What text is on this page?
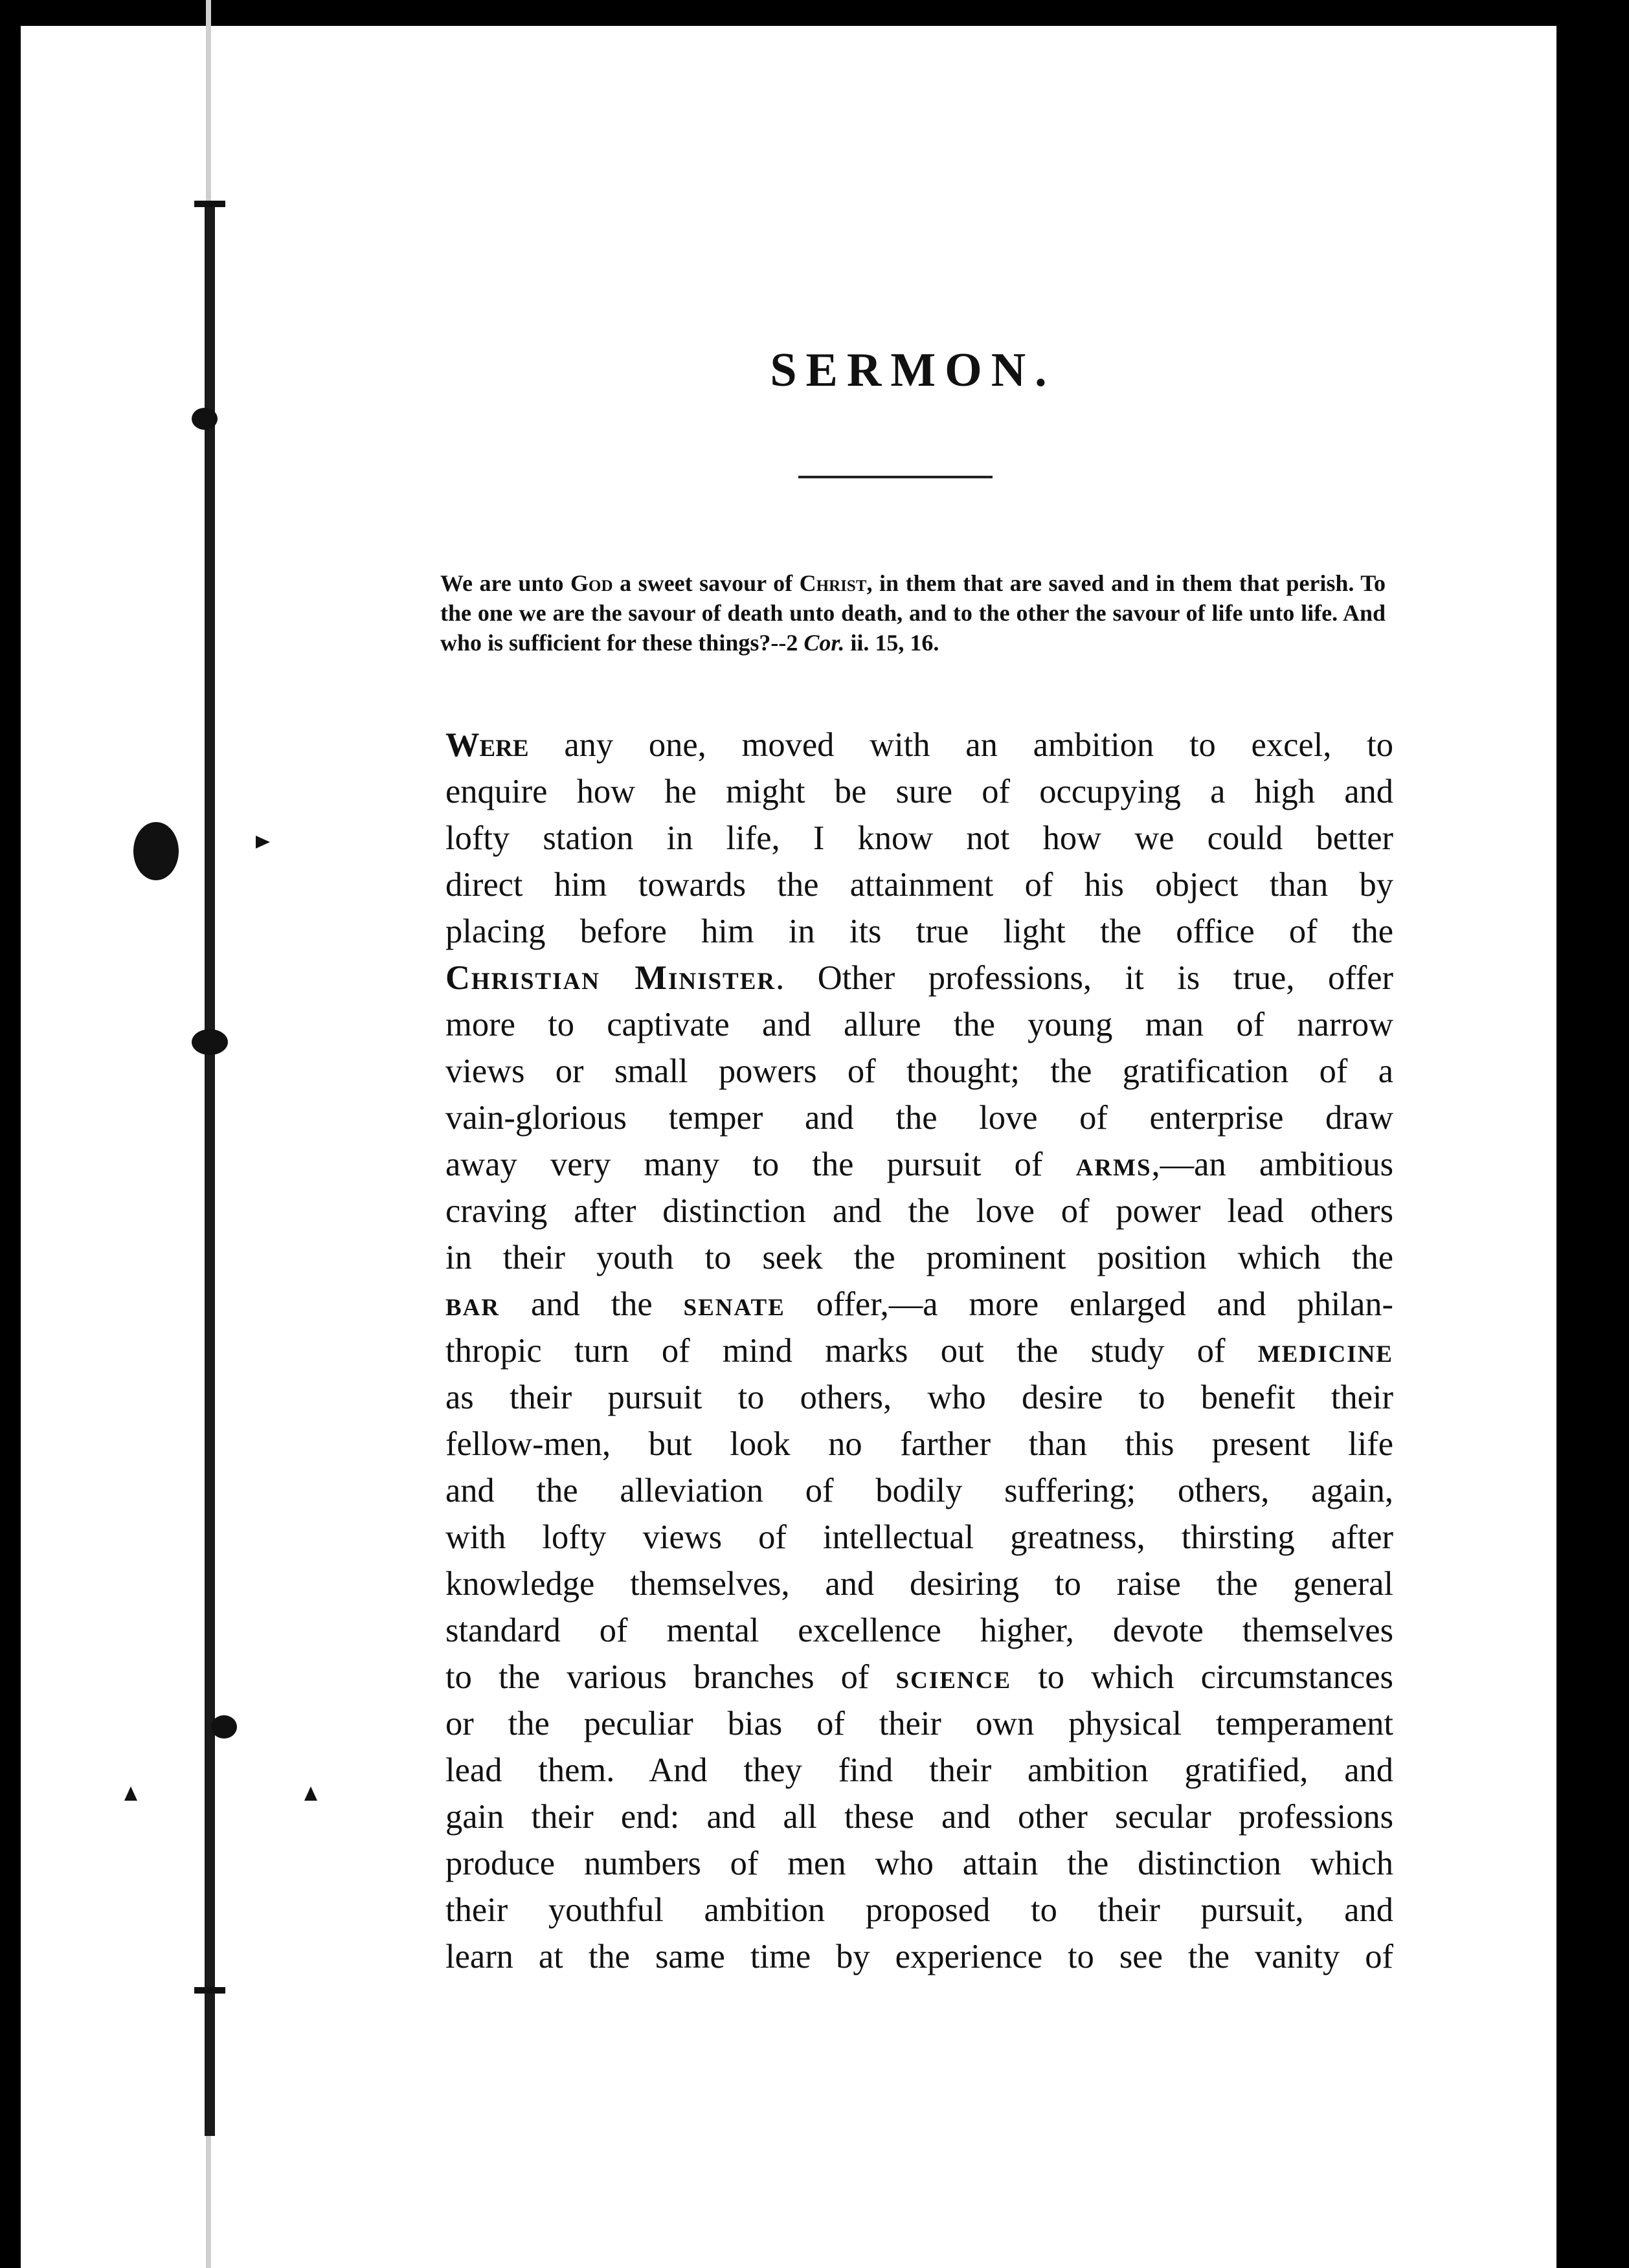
SERMON.

We are unto God a sweet savour of Christ, in them that are saved and in them that perish. To the one we are the savour of death unto death, and to the other the savour of life unto life. And who is sufficient for these things?--2 Cor. ii. 15, 16.

Were any one, moved with an ambition to excel, to
enquire how he might be sure of occupying a high and
lofty station in life, I know not how we could better
direct him towards the attainment of his object than by
placing before him in its true light the office of the
Christian Minister. Other professions, it is true, offer
more to captivate and allure the young man of narrow
views or small powers of thought; the gratification of a
vain-glorious temper and the love of enterprise draw
away very many to the pursuit of arms,—an ambitious
craving after distinction and the love of power lead others
in their youth to seek the prominent position which the
bar and the senate offer,—a more enlarged and philan-
thropic turn of mind marks out the study of medicine
as their pursuit to others, who desire to benefit their
fellow-men, but look no farther than this present life
and the alleviation of bodily suffering; others, again,
with lofty views of intellectual greatness, thirsting after
knowledge themselves, and desiring to raise the general
standard of mental excellence higher, devote themselves
to the various branches of science to which circumstances
or the peculiar bias of their own physical temperament
lead them. And they find their ambition gratified, and
gain their end: and all these and other secular professions
produce numbers of men who attain the distinction which
their youthful ambition proposed to their pursuit, and
learn at the same time by experience to see the vanity of
